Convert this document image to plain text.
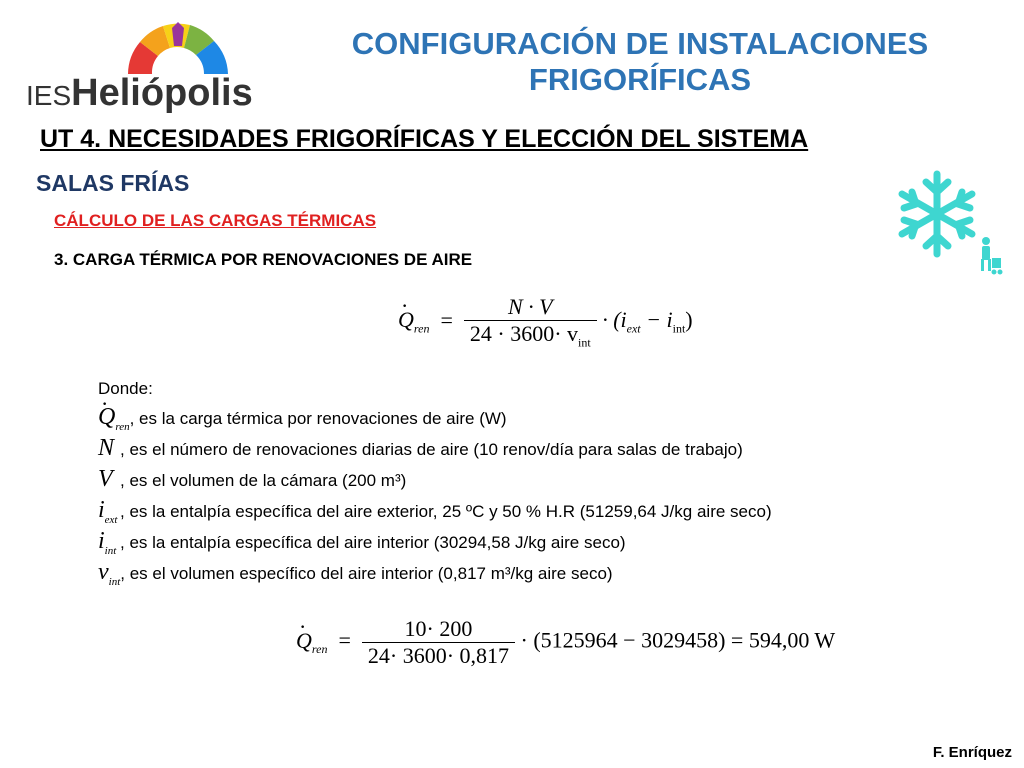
IESHeliópolis
CONFIGURACIÓN DE INSTALACIONES
FRIGORÍFICAS
UT 4. NECESIDADES FRIGORÍFICAS Y ELECCIÓN DEL SISTEMA
SALAS FRÍAS
CÁLCULO DE LAS CARGAS TÉRMICAS
3. CARGA TÉRMICA POR RENOVACIONES DE AIRE
· $Q_{ren} = \frac{N \cdot V}{24 \cdot 3600\cdot v_{int}} \cdot (i_{ext} - i_{int})$
Donde:
· $Q_{ren}$, es la carga térmica por renovaciones de aire (W)
N , es el número de renovaciones diarias de aire (10 renov/día para salas de trabajo)
V , es el volumen de la cámara (200 m³)
$i_{ext}$ , es la entalpía específica del aire exterior, 25 ºC y 50 % H.R (51259,64 J/kg aire seco)
$i_{int}$ , es la entalpía específica del aire interior (30294,58 J/kg aire seco)
$v_{int}$, es el volumen específico del aire interior (0,817 m³/kg aire seco)
· $Q_{ren} = \frac{10\cdot 200}{24\cdot 3600\cdot 0,817} \cdot (5125964 - 3029458) = 594,00$ W
F. Enríquez
